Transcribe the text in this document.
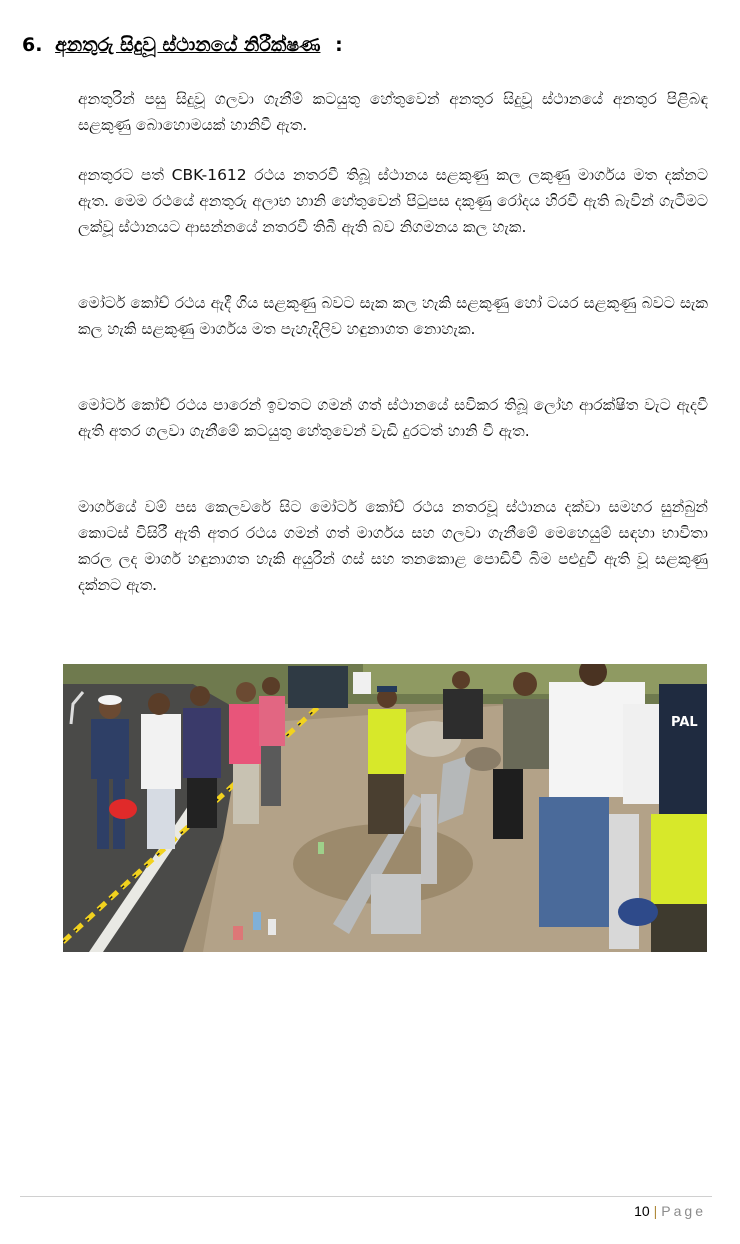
6. අනතුරු සිදුවූ ස්ථානයේ නිරීක්ෂණ :

අනතුරින් පසු සිදුවූ ගලවා ගැනීම් කටයුතු හේතුවෙන් අනතුර සිදුවූ ස්ථානයේ අනතුර පිළිබඳ සළකුණු බොහොමයක් හානිවී ඇත.

අනතුරට පත් CBK-1612 රථය නතරවී තිබූ ස්ථානය සළකුණු කල ලකුණු මාර්ගය මත දක්නට ඇත. මෙම රථයේ අනතුරු අලාභ හානි හේතුවෙන් පිටුපස දකුණු රෝදය හිරවී ඇති බැවින් ගැටීමට ලක්වූ ස්ථානයට ආසන්නයේ නතරවී තිබී ඇති බව නිගමනය කල හැක.

මෝටර් කෝච් රථය ඇදී ගිය සළකුණු බවට සැක කල හැකි සළකුණු හෝ ටයර සළකුණු බවට සැක කල හැකි සළකුණු මාර්ගය මත පැහැදිලිව හඳුනාගත නොහැක.

මෝටර් කෝච් රථය පාරෙන් ඉවතට ගමන් ගත් ස්ථානයේ සවිකර තිබූ ලෝහ ආරක්ෂිත වැට ඇදවී ඇති අතර ගලවා ගැනීමේ කටයුතු හේතුවෙන් වැඩි දුරටත් හානි වී ඇත.

මාර්ගයේ වම් පස කෙලවරේ සිට මෝටර් කෝච් රථය නතරවූ ස්ථානය දක්වා සමහර සුන්බුන් කොටස් විසිරී ඇති අතර රථය ගමන් ගත් මාර්ගය සහ ගලවා ගැනීමේ මෙහෙයුම් සඳහා භාවිතා කරල ලද මාර්ග හඳුනාගත හැකි අයුරින් ගස් සහ තනකොළ පොඩිවී බිම පළුදුවී ඇති වූ සළකුණු දක්නට ඇත.

PAL
10 | Page
